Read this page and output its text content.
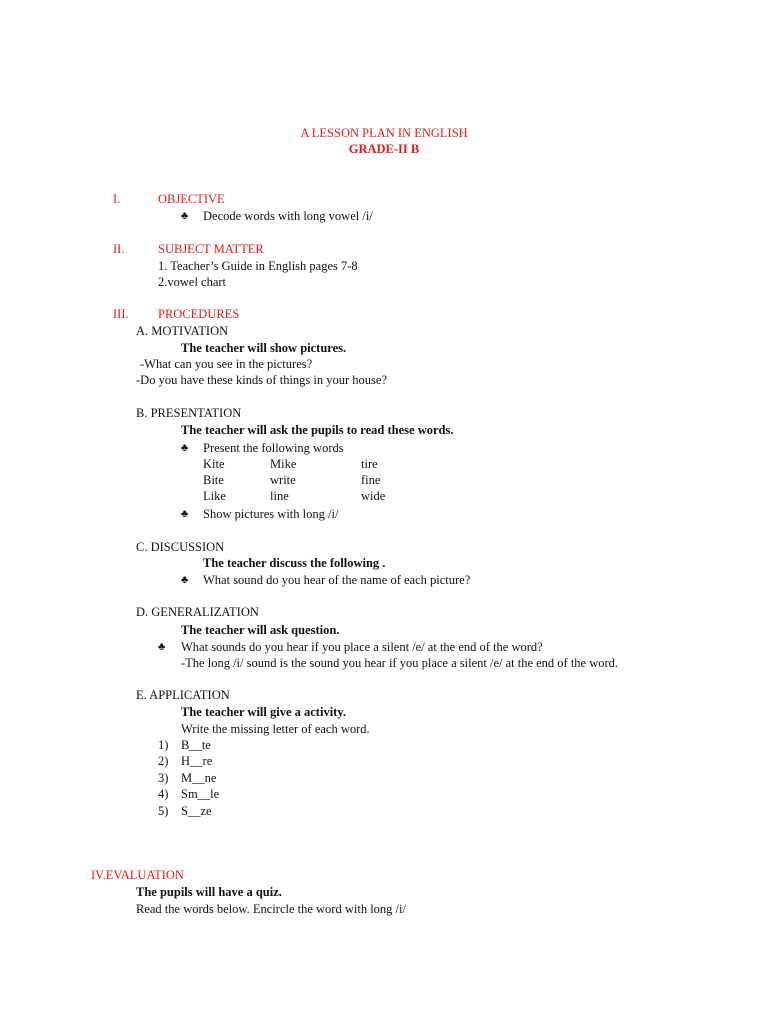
A LESSON PLAN IN ENGLISH
GRADE-II B
I.	OBJECTIVE
♣ Decode words with long vowel /i/
II.	SUBJECT MATTER
1. Teacher’s Guide in English pages 7-8
2.vowel chart
III. PROCEDURES
A. MOTIVATION
The teacher will show pictures.
-What can you see in the pictures?
-Do you have these kinds of things in your house?
B. PRESENTATION
The teacher will ask the pupils to read these words.
♣ Present the following words
Kite	Mike	tire
Bite	write	fine
Like	line	wide
♣ Show pictures with long /i/
C. DISCUSSION
The teacher discuss the following .
♣ What sound do you hear of the name of each picture?
D. GENERALIZATION
The teacher will ask question.
♣ What sounds do you hear if you place a silent /e/ at the end of the word?
-The long /i/ sound is the sound you hear if you place a silent /e/ at the end of the word.
E. APPLICATION
The teacher will give a activity.
Write the missing letter of each word.
1) B__te
2) H__re
3) M__ne
4) Sm__le
5) S__ze
IV.EVALUATION
The pupils will have a quiz.
Read the words below. Encircle the word with long /i/
